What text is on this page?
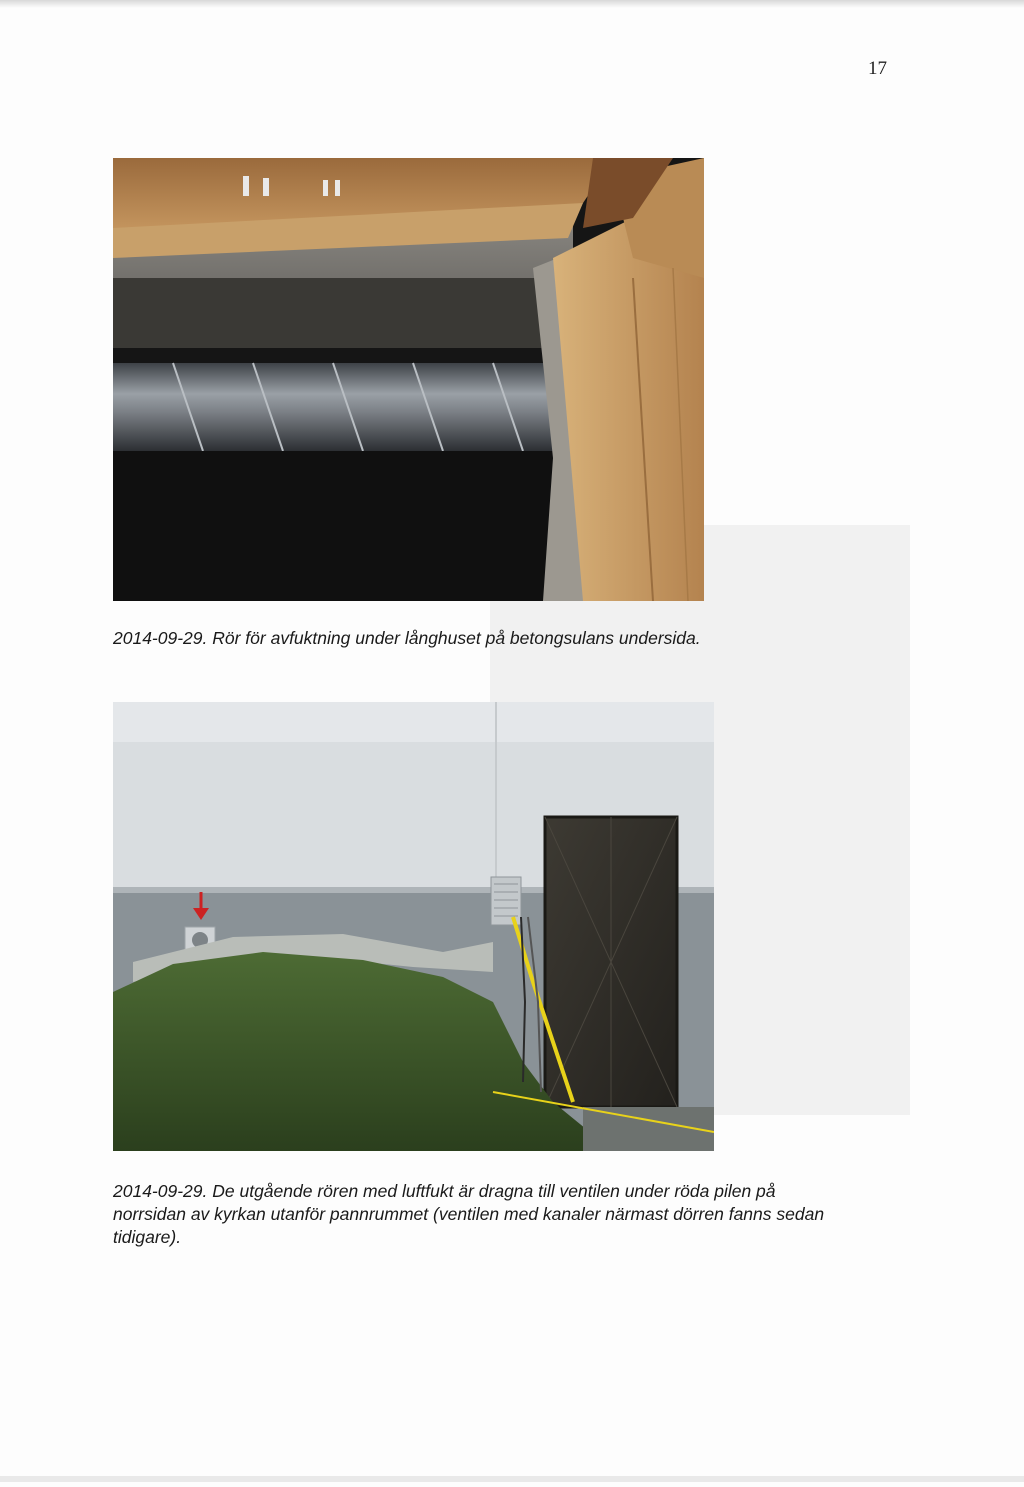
17
2014-09-29. Rör för avfuktning under långhuset på betongsulans undersida.
2014-09-29. De utgående rören med luftfukt är dragna till ventilen under röda pilen på
norrsidan av kyrkan utanför pannrummet (ventilen med kanaler närmast dörren fanns sedan
tidigare).
